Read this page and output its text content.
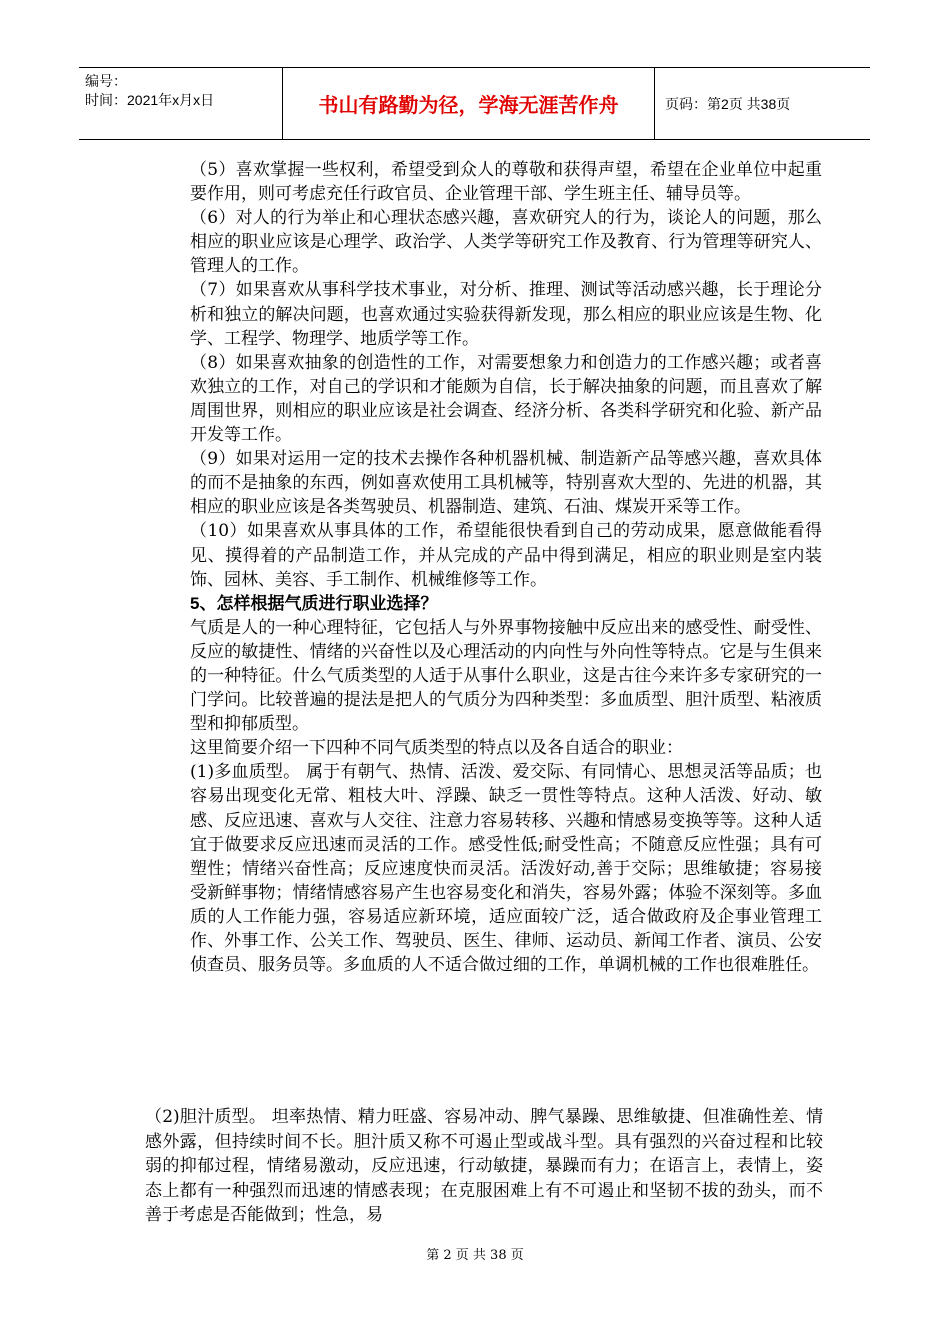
编号：
时间：2021年x月x日	书山有路勤为径，学海无涯苦作舟	页码：第2页 共38页

（5）喜欢掌握一些权利，希望受到众人的尊敬和获得声望，希望在企业单位中起重要作用，则可考虑充任行政官员、企业管理干部、学生班主任、辅导员等。

（6）对人的行为举止和心理状态感兴趣，喜欢研究人的行为，谈论人的问题，那么相应的职业应该是心理学、政治学、人类学等研究工作及教育、行为管理等研究人、管理人的工作。

（7）如果喜欢从事科学技术事业，对分析、推理、测试等活动感兴趣，长于理论分析和独立的解决问题，也喜欢通过实验获得新发现，那么相应的职业应该是生物、化学、工程学、物理学、地质学等工作。

（8）如果喜欢抽象的创造性的工作，对需要想象力和创造力的工作感兴趣；或者喜欢独立的工作，对自己的学识和才能颇为自信，长于解决抽象的问题，而且喜欢了解周围世界，则相应的职业应该是社会调查、经济分析、各类科学研究和化验、新产品开发等工作。

（9）如果对运用一定的技术去操作各种机器机械、制造新产品等感兴趣，喜欢具体的而不是抽象的东西，例如喜欢使用工具机械等，特别喜欢大型的、先进的机器，其相应的职业应该是各类驾驶员、机器制造、建筑、石油、煤炭开采等工作。

（10）如果喜欢从事具体的工作，希望能很快看到自己的劳动成果，愿意做能看得见、摸得着的产品制造工作，并从完成的产品中得到满足，相应的职业则是室内装饰、园林、美容、手工制作、机械维修等工作。

5、怎样根据气质进行职业选择？

气质是人的一种心理特征，它包括人与外界事物接触中反应出来的感受性、耐受性、反应的敏捷性、情绪的兴奋性以及心理活动的内向性与外向性等特点。它是与生俱来的一种特征。什么气质类型的人适于从事什么职业，这是古往今来许多专家研究的一门学问。比较普遍的提法是把人的气质分为四种类型：多血质型、胆汁质型、粘液质型和抑郁质型。

这里简要介绍一下四种不同气质类型的特点以及各自适合的职业：

(1)多血质型。 属于有朝气、热情、活泼、爱交际、有同情心、思想灵活等品质；也容易出现变化无常、粗枝大叶、浮躁、缺乏一贯性等特点。这种人活泼、好动、敏感、反应迅速、喜欢与人交往、注意力容易转移、兴趣和情感易变换等等。这种人适宜于做要求反应迅速而灵活的工作。感受性低;耐受性高；不随意反应性强；具有可塑性；情绪兴奋性高；反应速度快而灵活。活泼好动,善于交际；思维敏捷；容易接受新鲜事物；情绪情感容易产生也容易变化和消失，容易外露；体验不深刻等。多血质的人工作能力强，容易适应新环境，适应面较广泛，适合做政府及企事业管理工作、外事工作、公关工作、驾驶员、医生、律师、运动员、新闻工作者、演员、公安侦查员、服务员等。多血质的人不适合做过细的工作，单调机械的工作也很难胜任。

（2)胆汁质型。 坦率热情、精力旺盛、容易冲动、脾气暴躁、思维敏捷、但准确性差、情感外露，但持续时间不长。胆汁质又称不可遏止型或战斗型。具有强烈的兴奋过程和比较弱的抑郁过程，情绪易激动，反应迅速，行动敏捷，暴躁而有力；在语言上，表情上，姿态上都有一种强烈而迅速的情感表现；在克服困难上有不可遏止和坚韧不拔的劲头，而不善于考虑是否能做到；性急，易

第 2 页 共 38 页
